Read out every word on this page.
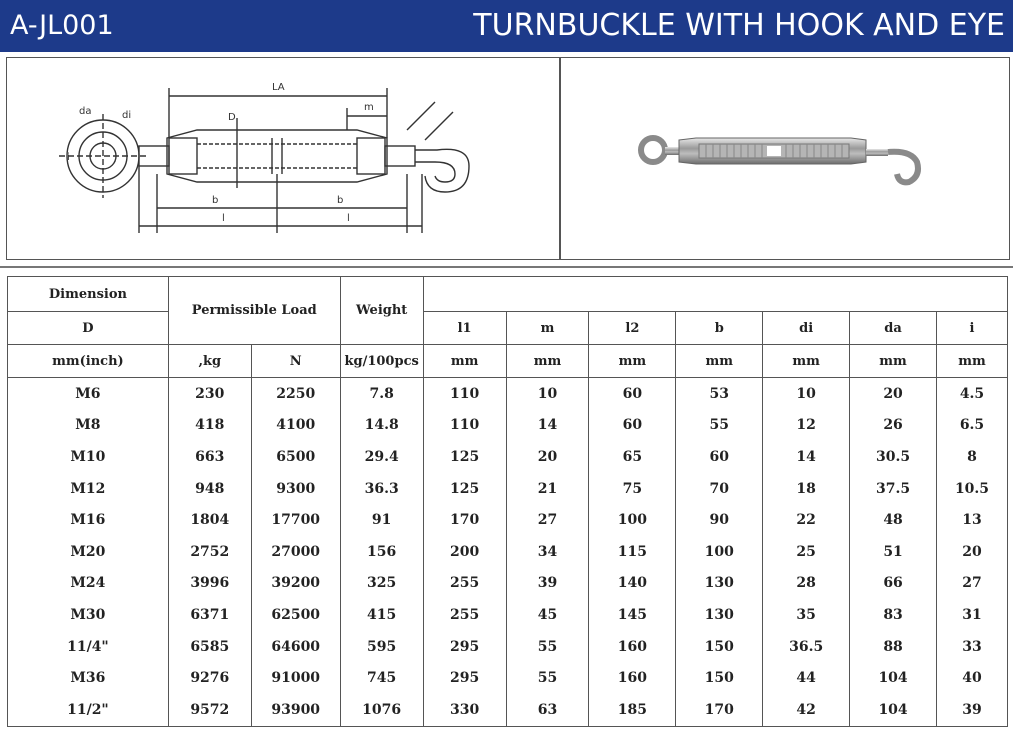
A-JL001	TURNBUCKLE WITH HOOK AND EYE
LA
m
D
b	b
l	l
da	di
i
Dimension	Permissible Load		Weight							
D				l1	m	l2	b	di	da	i
mm(inch)	,kg	N	kg/100pcs	mm	mm	mm	mm	mm	mm	mm
M6	230	2250	7.8	110	10	60	53	10	20	4.5
M8	418	4100	14.8	110	14	60	55	12	26	6.5
M10	663	6500	29.4	125	20	65	60	14	30.5	8
M12	948	9300	36.3	125	21	75	70	18	37.5	10.5
M16	1804	17700	91	170	27	100	90	22	48	13
M20	2752	27000	156	200	34	115	100	25	51	20
M24	3996	39200	325	255	39	140	130	28	66	27
M30	6371	62500	415	255	45	145	130	35	83	31
11/4"	6585	64600	595	295	55	160	150	36.5	88	33
M36	9276	91000	745	295	55	160	150	44	104	40
11/2"	9572	93900	1076	330	63	185	170	42	104	39
